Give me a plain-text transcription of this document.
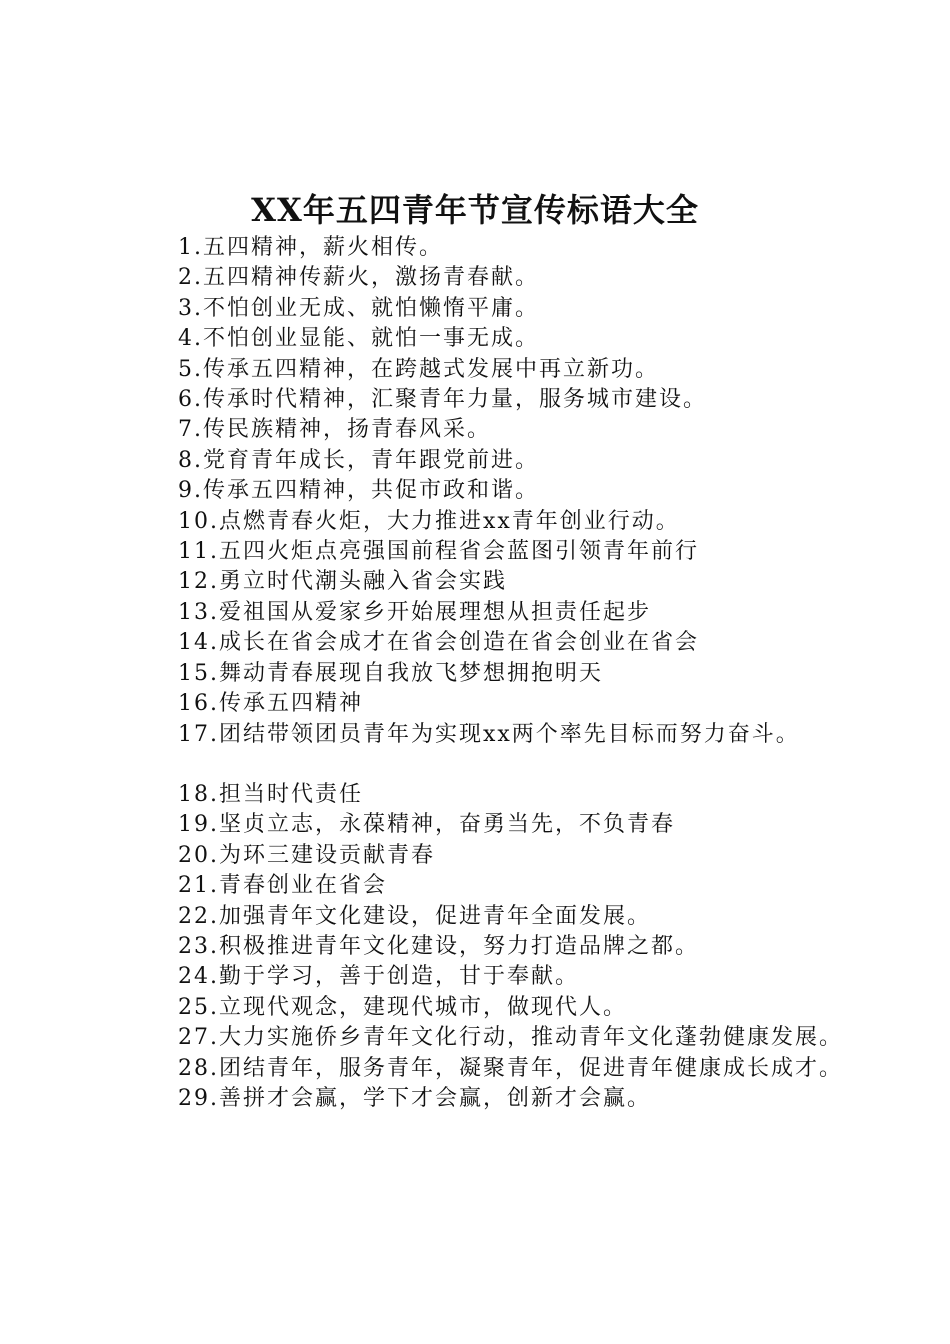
XX年五四青年节宣传标语大全
1.五四精神，薪火相传。
2.五四精神传薪火，激扬青春献。
3.不怕创业无成、就怕懒惰平庸。
4.不怕创业显能、就怕一事无成。
5.传承五四精神，在跨越式发展中再立新功。
6.传承时代精神，汇聚青年力量，服务城市建设。
7.传民族精神，扬青春风采。
8.党育青年成长，青年跟党前进。
9.传承五四精神，共促市政和谐。
10.点燃青春火炬，大力推进xx青年创业行动。
11.五四火炬点亮强国前程省会蓝图引领青年前行
12.勇立时代潮头融入省会实践
13.爱祖国从爱家乡开始展理想从担责任起步
14.成长在省会成才在省会创造在省会创业在省会
15.舞动青春展现自我放飞梦想拥抱明天
16.传承五四精神
17.团结带领团员青年为实现xx两个率先目标而努力奋斗。
18.担当时代责任
19.坚贞立志，永葆精神，奋勇当先，不负青春
20.为环三建设贡献青春
21.青春创业在省会
22.加强青年文化建设，促进青年全面发展。
23.积极推进青年文化建设，努力打造品牌之都。
24.勤于学习，善于创造，甘于奉献。
25.立现代观念，建现代城市，做现代人。
27.大力实施侨乡青年文化行动，推动青年文化蓬勃健康发展。
28.团结青年，服务青年，凝聚青年，促进青年健康成长成才。
29.善拼才会赢，学下才会赢，创新才会赢。
